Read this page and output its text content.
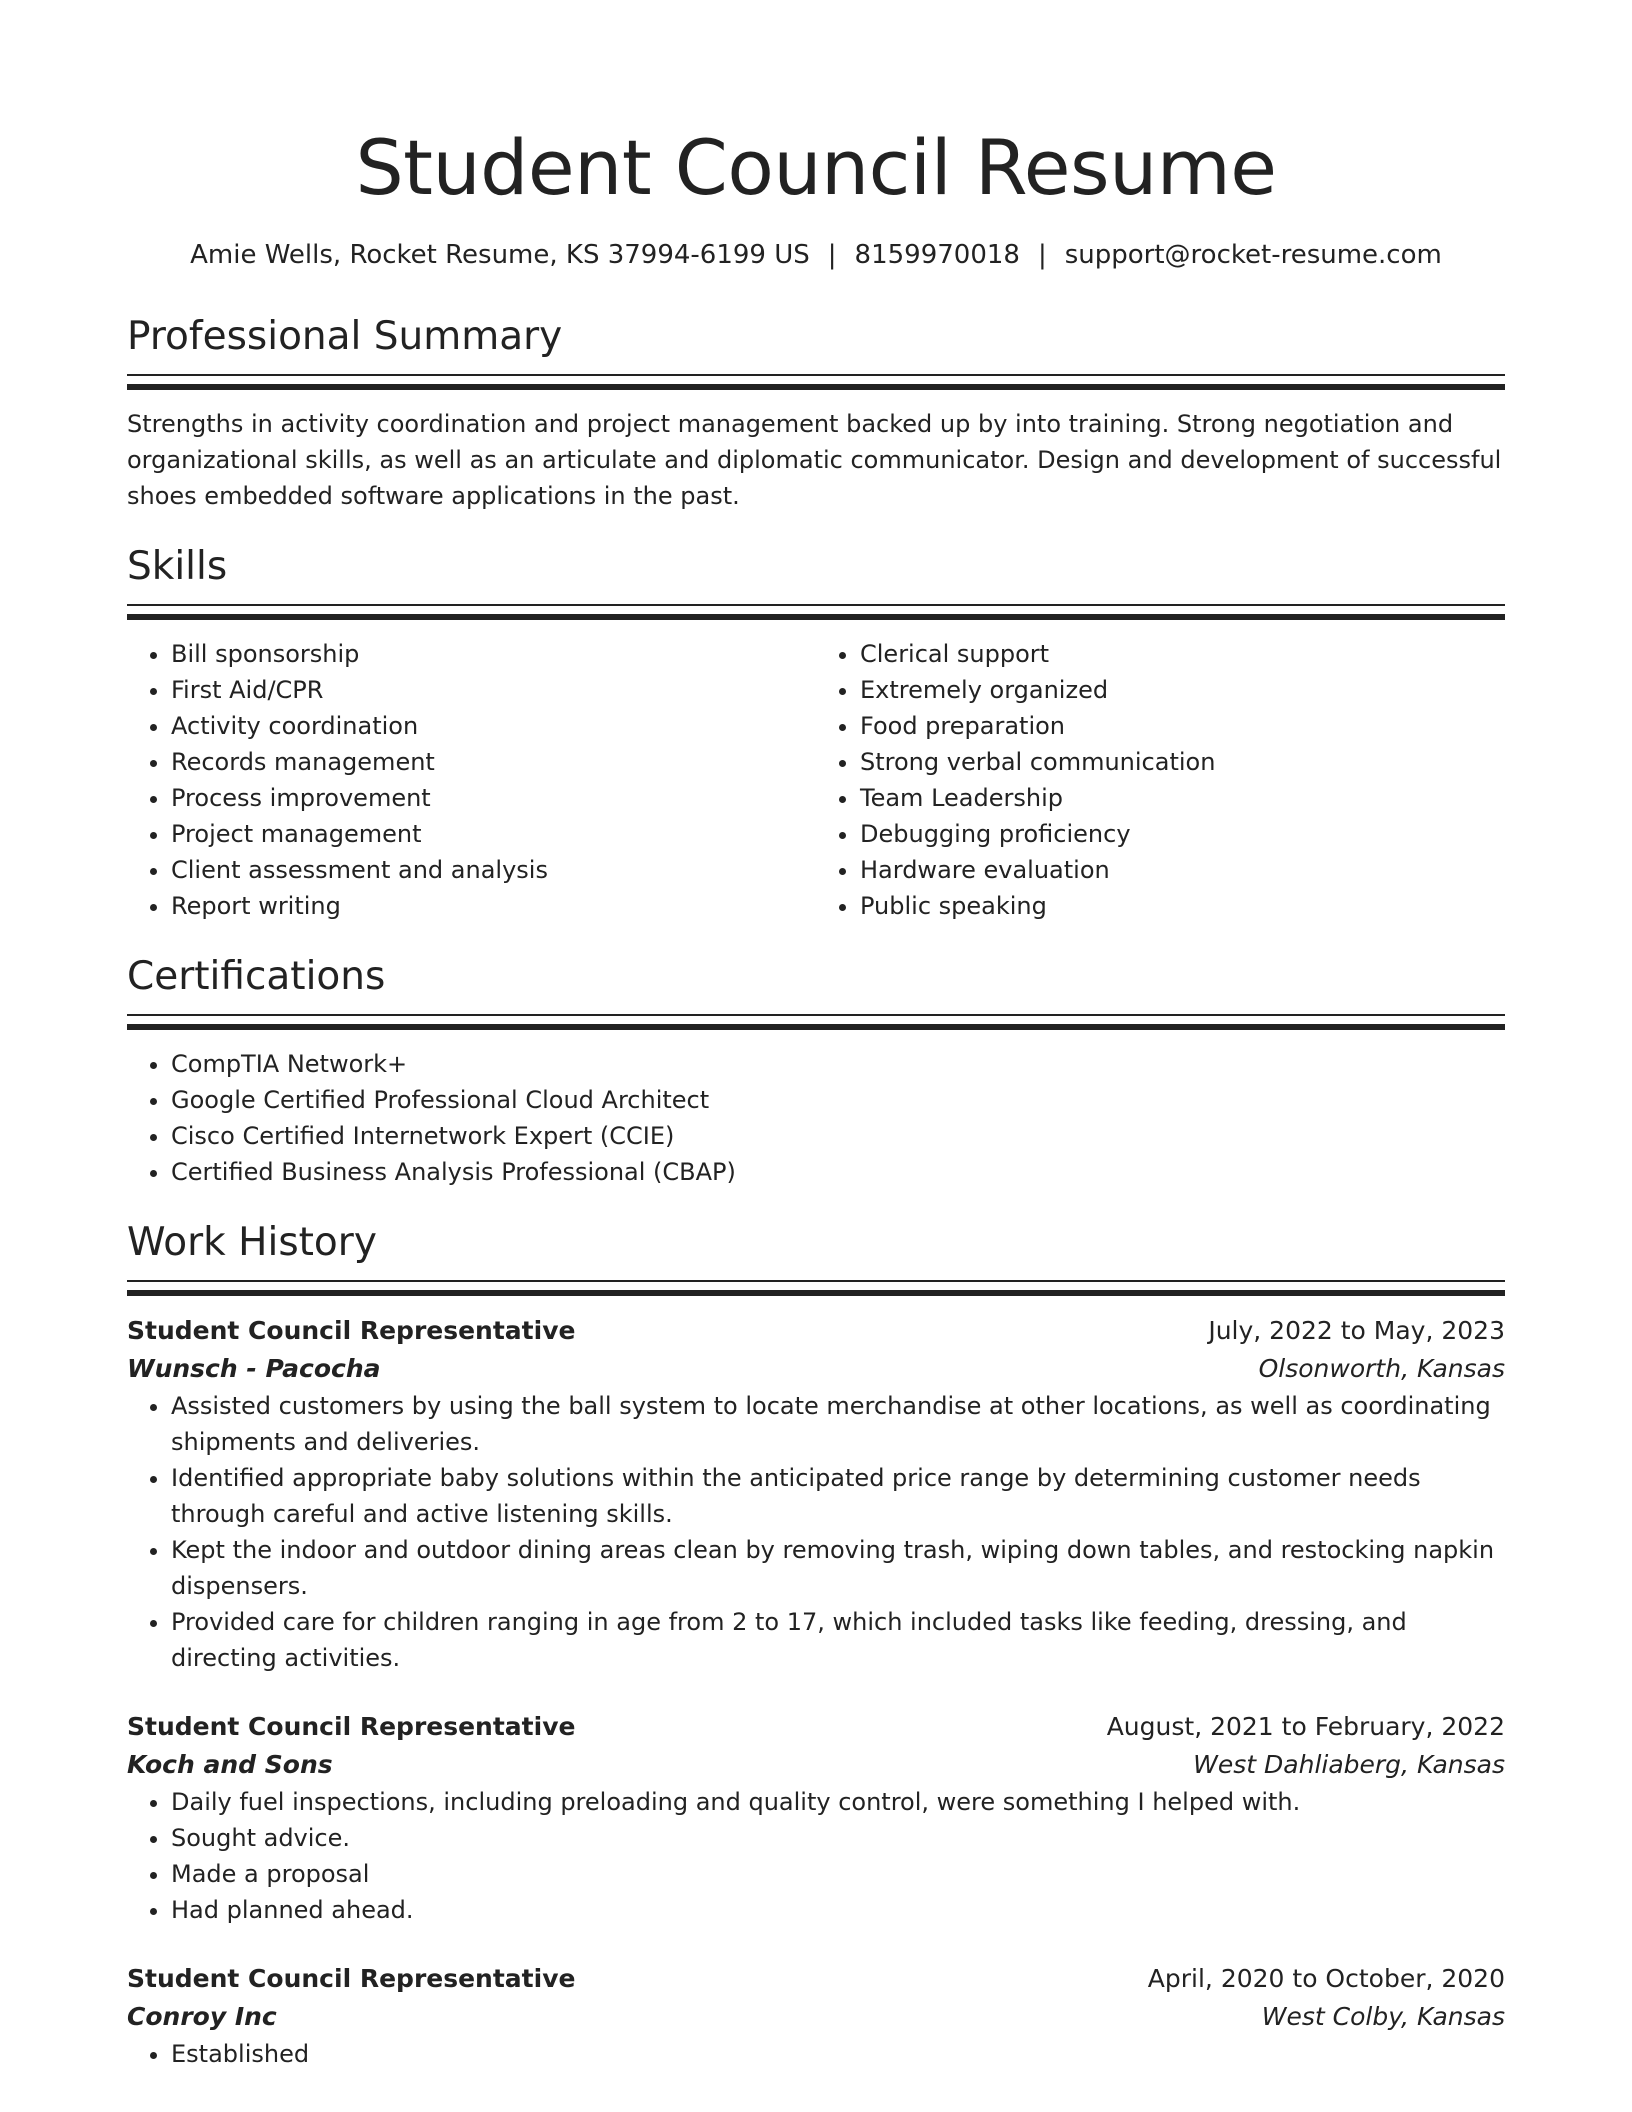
Student Council Resume
Amie Wells, Rocket Resume, KS 37994-6199 US | 8159970018 | support@rocket-resume.com
Professional Summary

Strengths in activity coordination and project management backed up by into training. Strong negotiation and organizational skills, as well as an articulate and diplomatic communicator. Design and development of successful shoes embedded software applications in the past.

Skills
• Bill sponsorship
• First Aid/CPR
• Activity coordination
• Records management
• Process improvement
• Project management
• Client assessment and analysis
• Report writing
• Clerical support
• Extremely organized
• Food preparation
• Strong verbal communication
• Team Leadership
• Debugging proficiency
• Hardware evaluation
• Public speaking
Certifications
• CompTIA Network+
• Google Certified Professional Cloud Architect
• Cisco Certified Internetwork Expert (CCIE)
• Certified Business Analysis Professional (CBAP)
Work History
Student Council Representative	July, 2022 to May, 2023
Wunsch - Pacocha	Olsonworth, Kansas
• Assisted customers by using the ball system to locate merchandise at other locations, as well as coordinating shipments and deliveries.
• Identified appropriate baby solutions within the anticipated price range by determining customer needs through careful and active listening skills.
• Kept the indoor and outdoor dining areas clean by removing trash, wiping down tables, and restocking napkin dispensers.
• Provided care for children ranging in age from 2 to 17, which included tasks like feeding, dressing, and directing activities.
Student Council Representative	August, 2021 to February, 2022
Koch and Sons	West Dahliaberg, Kansas
• Daily fuel inspections, including preloading and quality control, were something I helped with.
• Sought advice.
• Made a proposal
• Had planned ahead.
Student Council Representative	April, 2020 to October, 2020
Conroy Inc	West Colby, Kansas
• Established
